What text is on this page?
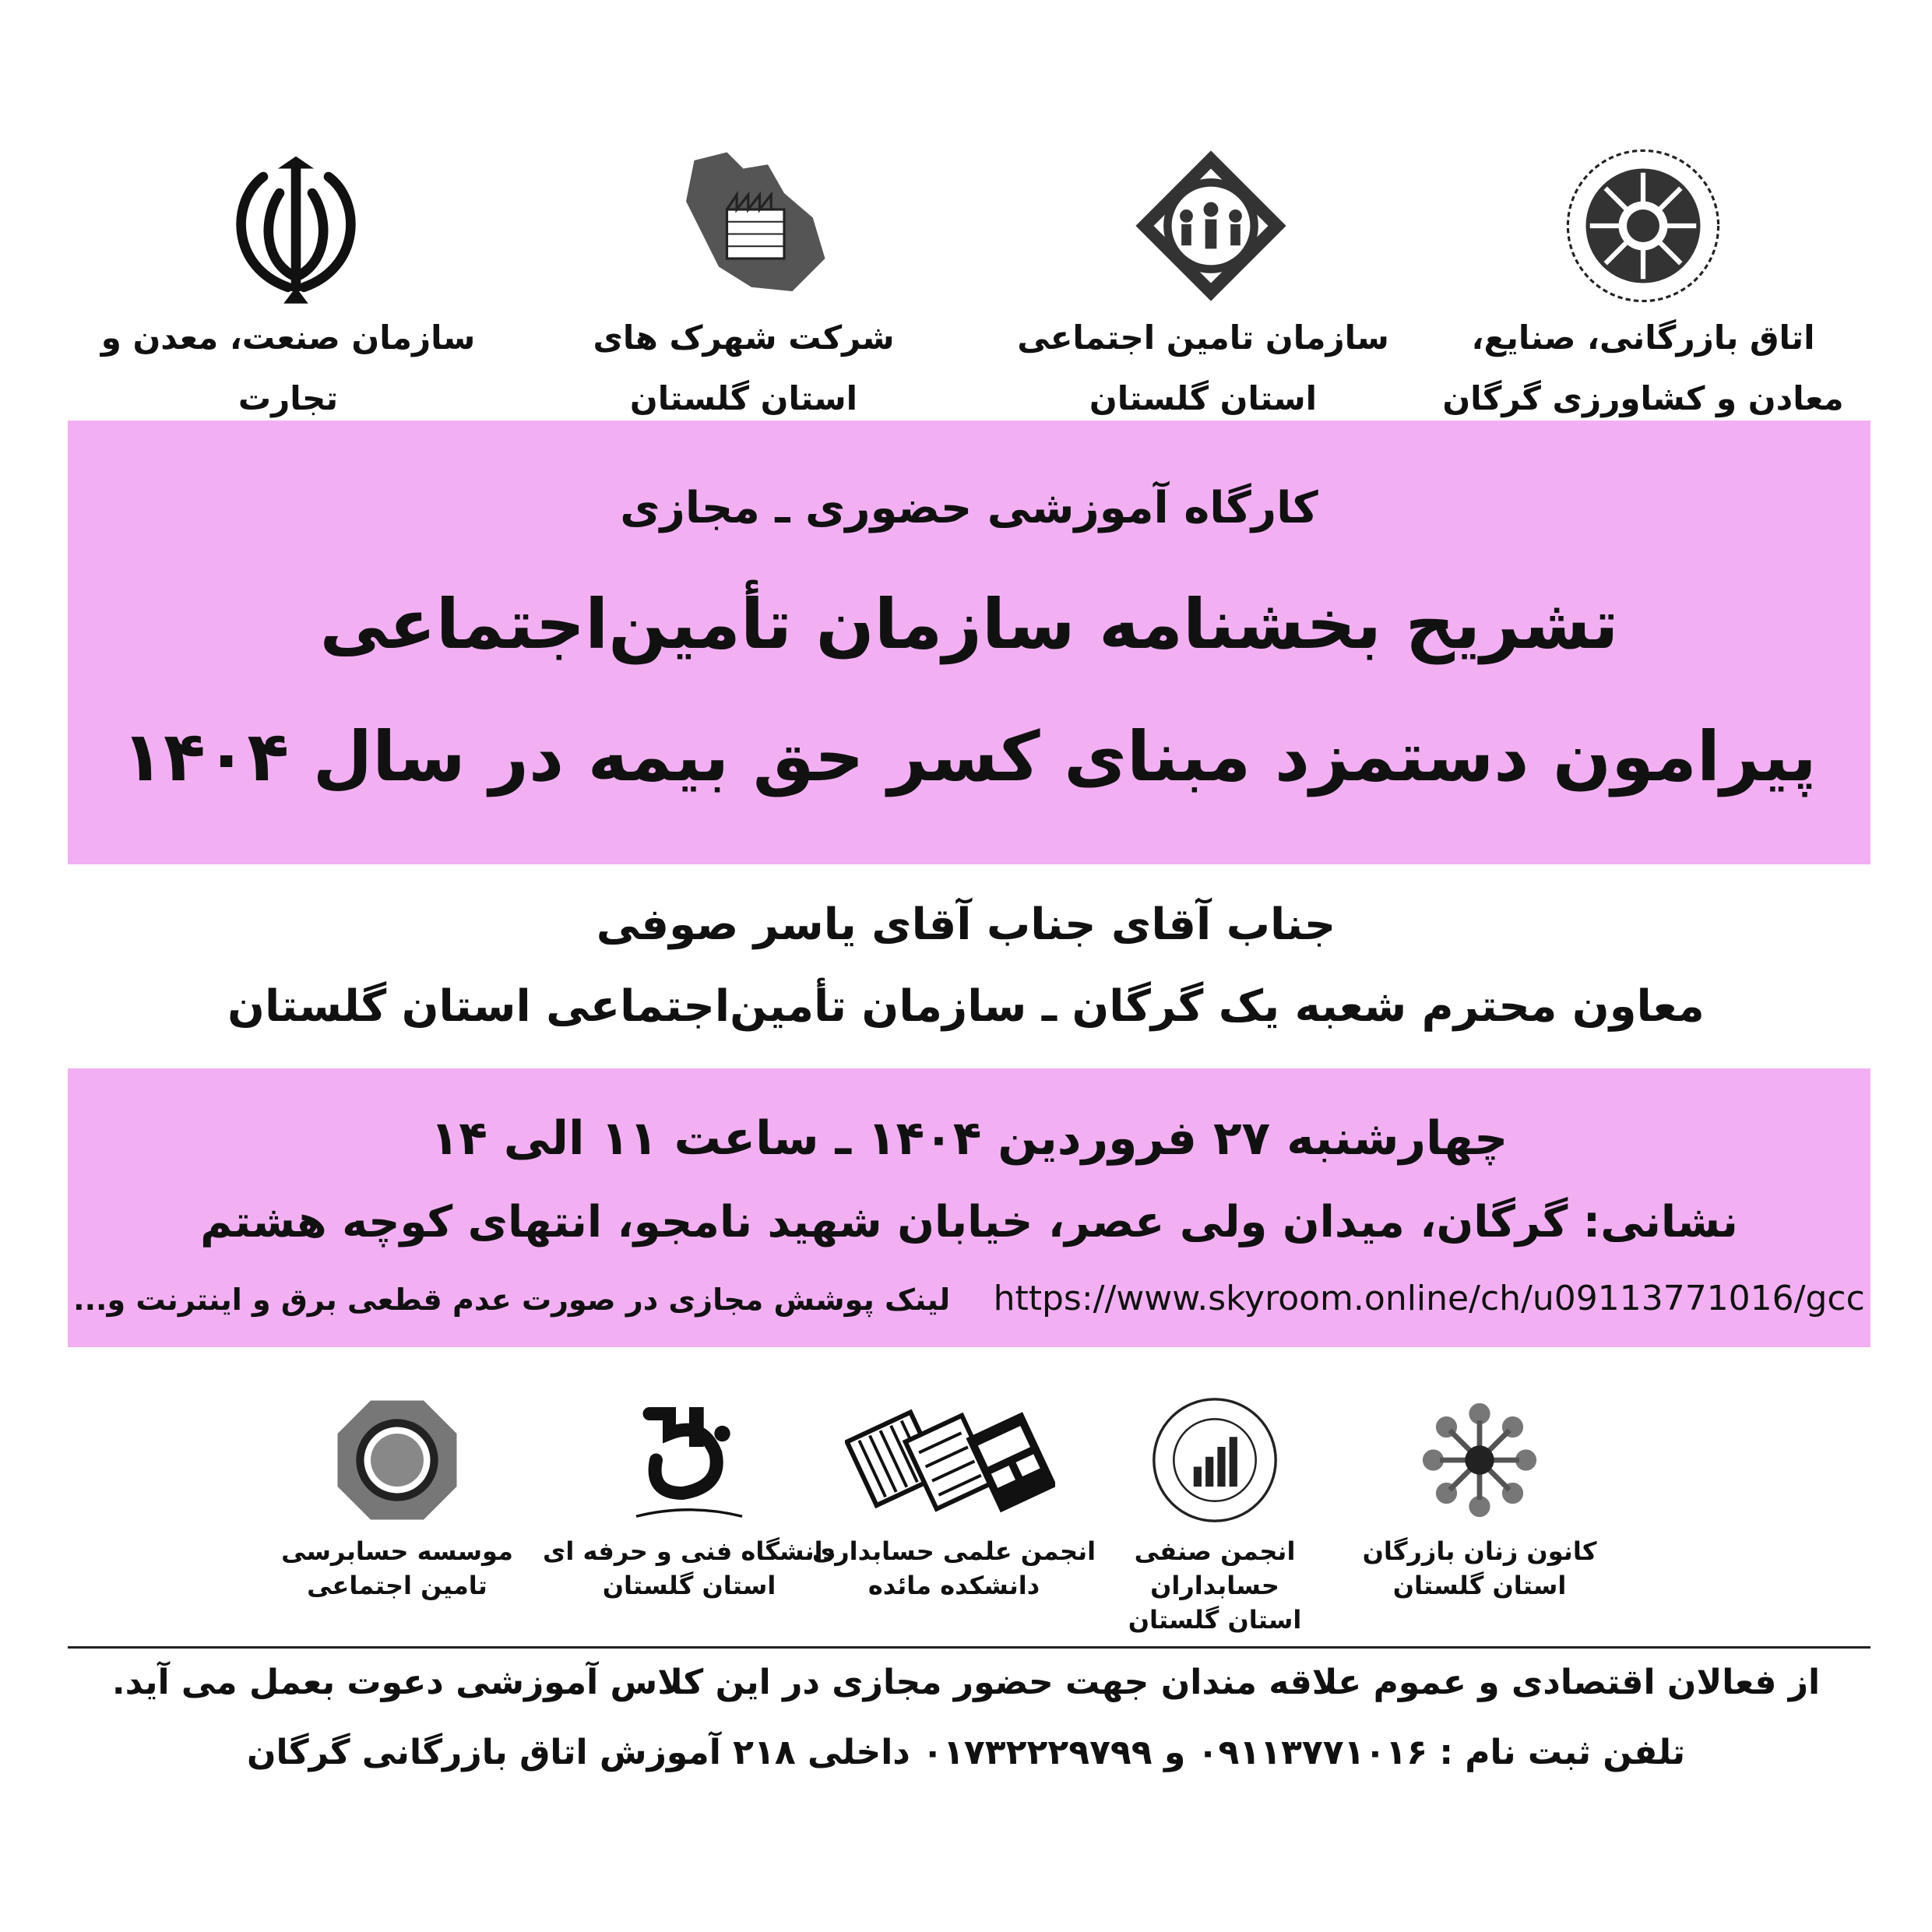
اتاق بازرگانی، صنایع،
معادن و کشاورزی گرگان
سازمان تامین اجتماعی
استان گلستان
شرکت شهرک های
استان گلستان
سازمان صنعت، معدن و تجارت

کارگاه آموزشی حضوری ـ مجازی
تشریح بخشنامه سازمان تأمین‌اجتماعی
پیرامون دستمزد مبنای کسر حق بیمه در سال ۱۴۰۴
جناب آقای جناب آقای یاسر صوفی
معاون محترم شعبه یک گرگان ـ سازمان تأمین‌اجتماعی استان گلستان
چهارشنبه ۲۷ فروردین ۱۴۰۴ ـ ساعت ۱۱ الی ۱۴
نشانی: گرگان، میدان ولی عصر، خیابان شهید نامجو، انتهای کوچه هشتم
لینک پوشش مجازی در صورت عدم قطعی برق و اینترنت و... https://www.skyroom.online/ch/u09113771016/gcc
کانون زنان بازرگان
استان گلستان
انجمن صنفی حسابداران
استان گلستان
انجمن علمی حسابداری
دانشکده مائده
دانشگاه فنی و حرفه ای
استان گلستان
موسسه حسابرسی
تامین اجتماعی
از فعالان اقتصادی و عموم علاقه مندان جهت حضور مجازی در این کلاس آموزشی دعوت بعمل می آید.
تلفن ثبت نام : ۰۹۱۱۳۷۷۱۰۱۶ و ۰۱۷۳۲۲۲۹۷۹۹ داخلی ۲۱۸ آموزش اتاق بازرگانی گرگان
